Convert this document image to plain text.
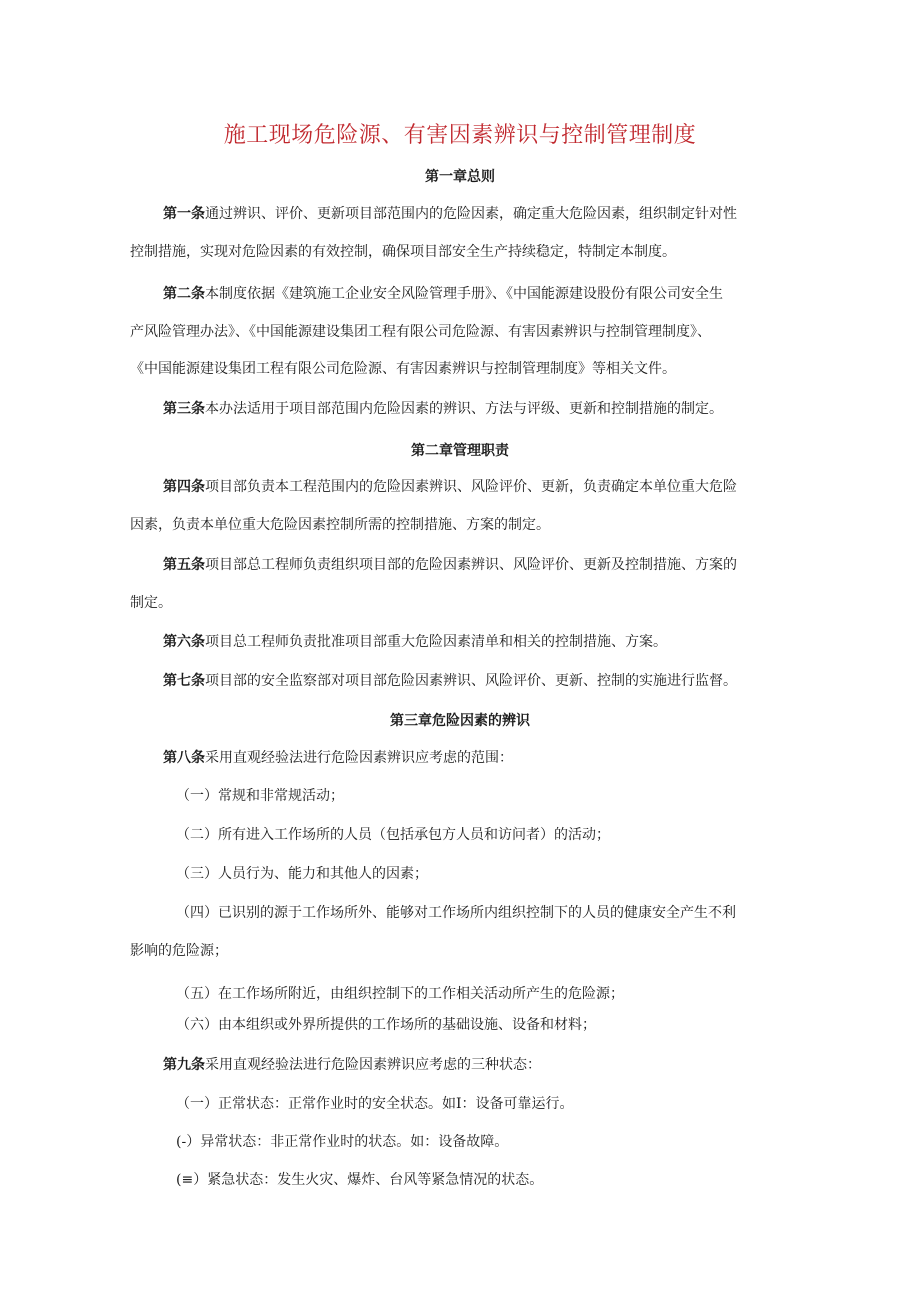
施工现场危险源、有害因素辨识与控制管理制度
第一章总则
第一条通过辨识、评价、更新项目部范围内的危险因素，确定重大危险因素，组织制定针对性
控制措施，实现对危险因素的有效控制，确保项目部安全生产持续稳定，特制定本制度。
第二条本制度依据《建筑施工企业安全风险管理手册》、《中国能源建设股份有限公司安全生
产风险管理办法》、《中国能源建设集团工程有限公司危险源、有害因素辨识与控制管理制度》、
《中国能源建设集团工程有限公司危险源、有害因素辨识与控制管理制度》等相关文件。
第三条本办法适用于项目部范围内危险因素的辨识、方法与评级、更新和控制措施的制定。
第二章管理职责
第四条项目部负责本工程范围内的危险因素辨识、风险评价、更新，负责确定本单位重大危险
因素，负责本单位重大危险因素控制所需的控制措施、方案的制定。
第五条项目部总工程师负责组织项目部的危险因素辨识、风险评价、更新及控制措施、方案的
制定。
第六条项目总工程师负责批准项目部重大危险因素清单和相关的控制措施、方案。
第七条项目部的安全监察部对项目部危险因素辨识、风险评价、更新、控制的实施进行监督。
第三章危险因素的辨识
第八条采用直观经验法进行危险因素辨识应考虑的范围：
（一）常规和非常规活动；
（二）所有进入工作场所的人员（包括承包方人员和访问者）的活动；
（三）人员行为、能力和其他人的因素；
（四）已识别的源于工作场所外、能够对工作场所内组织控制下的人员的健康安全产生不利
影响的危险源；
（五）在工作场所附近，由组织控制下的工作相关活动所产生的危险源；
（六）由本组织或外界所提供的工作场所的基础设施、设备和材料；
第九条采用直观经验法进行危险因素辨识应考虑的三种状态：
（一）正常状态：正常作业时的安全状态。如I：设备可靠运行。
(-）异常状态：非正常作业时的状态。如：设备故障。
(≡）紧急状态：发生火灾、爆炸、台风等紧急情况的状态。
